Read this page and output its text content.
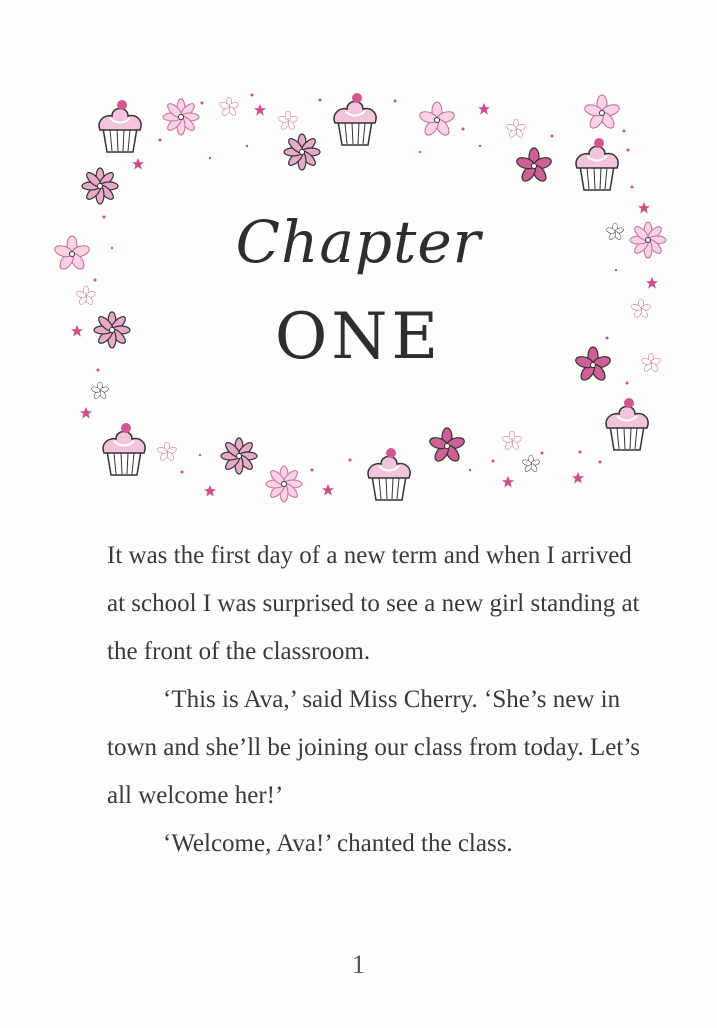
Chapter
ONE

It was the first day of a new term and when I arrived at school I was surprised to see a new girl standing at the front of the classroom.

‘This is Ava,’ said Miss Cherry. ‘She’s new in town and she’ll be joining our class from today. Let’s all welcome her!’

‘Welcome, Ava!’ chanted the class.

1
